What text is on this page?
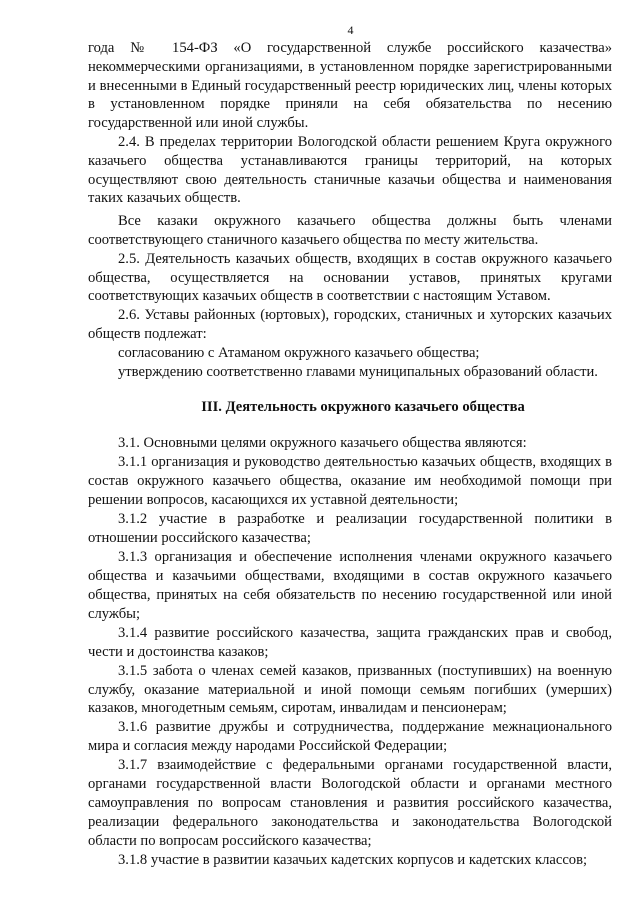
4

года № 154-ФЗ «О государственной службе российского казачества» некоммерческими организациями, в установленном порядке зарегистрированными и внесенными в Единый государственный реестр юридических лиц, члены которых в установленном порядке приняли на себя обязательства по несению государственной или иной службы.

2.4. В пределах территории Вологодской области решением Круга окружного казачьего общества устанавливаются границы территорий, на которых осуществляют свою деятельность станичные казачьи общества и наименования таких казачьих обществ.

Все казаки окружного казачьего общества должны быть членами соответствующего станичного казачьего общества по месту жительства.

2.5. Деятельность казачьих обществ, входящих в состав окружного казачьего общества, осуществляется на основании уставов, принятых кругами соответствующих казачьих обществ в соответствии с настоящим Уставом.

2.6. Уставы районных (юртовых), городских, станичных и хуторских казачьих обществ подлежат:

согласованию с Атаманом окружного казачьего общества;

утверждению соответственно главами муниципальных образований области.

III. Деятельность окружного казачьего общества

3.1. Основными целями окружного казачьего общества являются:

3.1.1 организация и руководство деятельностью казачьих обществ, входящих в состав окружного казачьего общества, оказание им необходимой помощи при решении вопросов, касающихся их уставной деятельности;

3.1.2 участие в разработке и реализации государственной политики в отношении российского казачества;

3.1.3 организация и обеспечение исполнения членами окружного казачьего общества и казачьими обществами, входящими в состав окружного казачьего общества, принятых на себя обязательств по несению государственной или иной службы;

3.1.4 развитие российского казачества, защита гражданских прав и свобод, чести и достоинства казаков;

3.1.5 забота о членах семей казаков, призванных (поступивших) на военную службу, оказание материальной и иной помощи семьям погибших (умерших) казаков, многодетным семьям, сиротам, инвалидам и пенсионерам;

3.1.6 развитие дружбы и сотрудничества, поддержание межнационального мира и согласия между народами Российской Федерации;

3.1.7 взаимодействие с федеральными органами государственной власти, органами государственной власти Вологодской области и органами местного самоуправления по вопросам становления и развития российского казачества, реализации федерального законодательства и законодательства Вологодской области по вопросам российского казачества;

3.1.8 участие в развитии казачьих кадетских корпусов и кадетских классов;
